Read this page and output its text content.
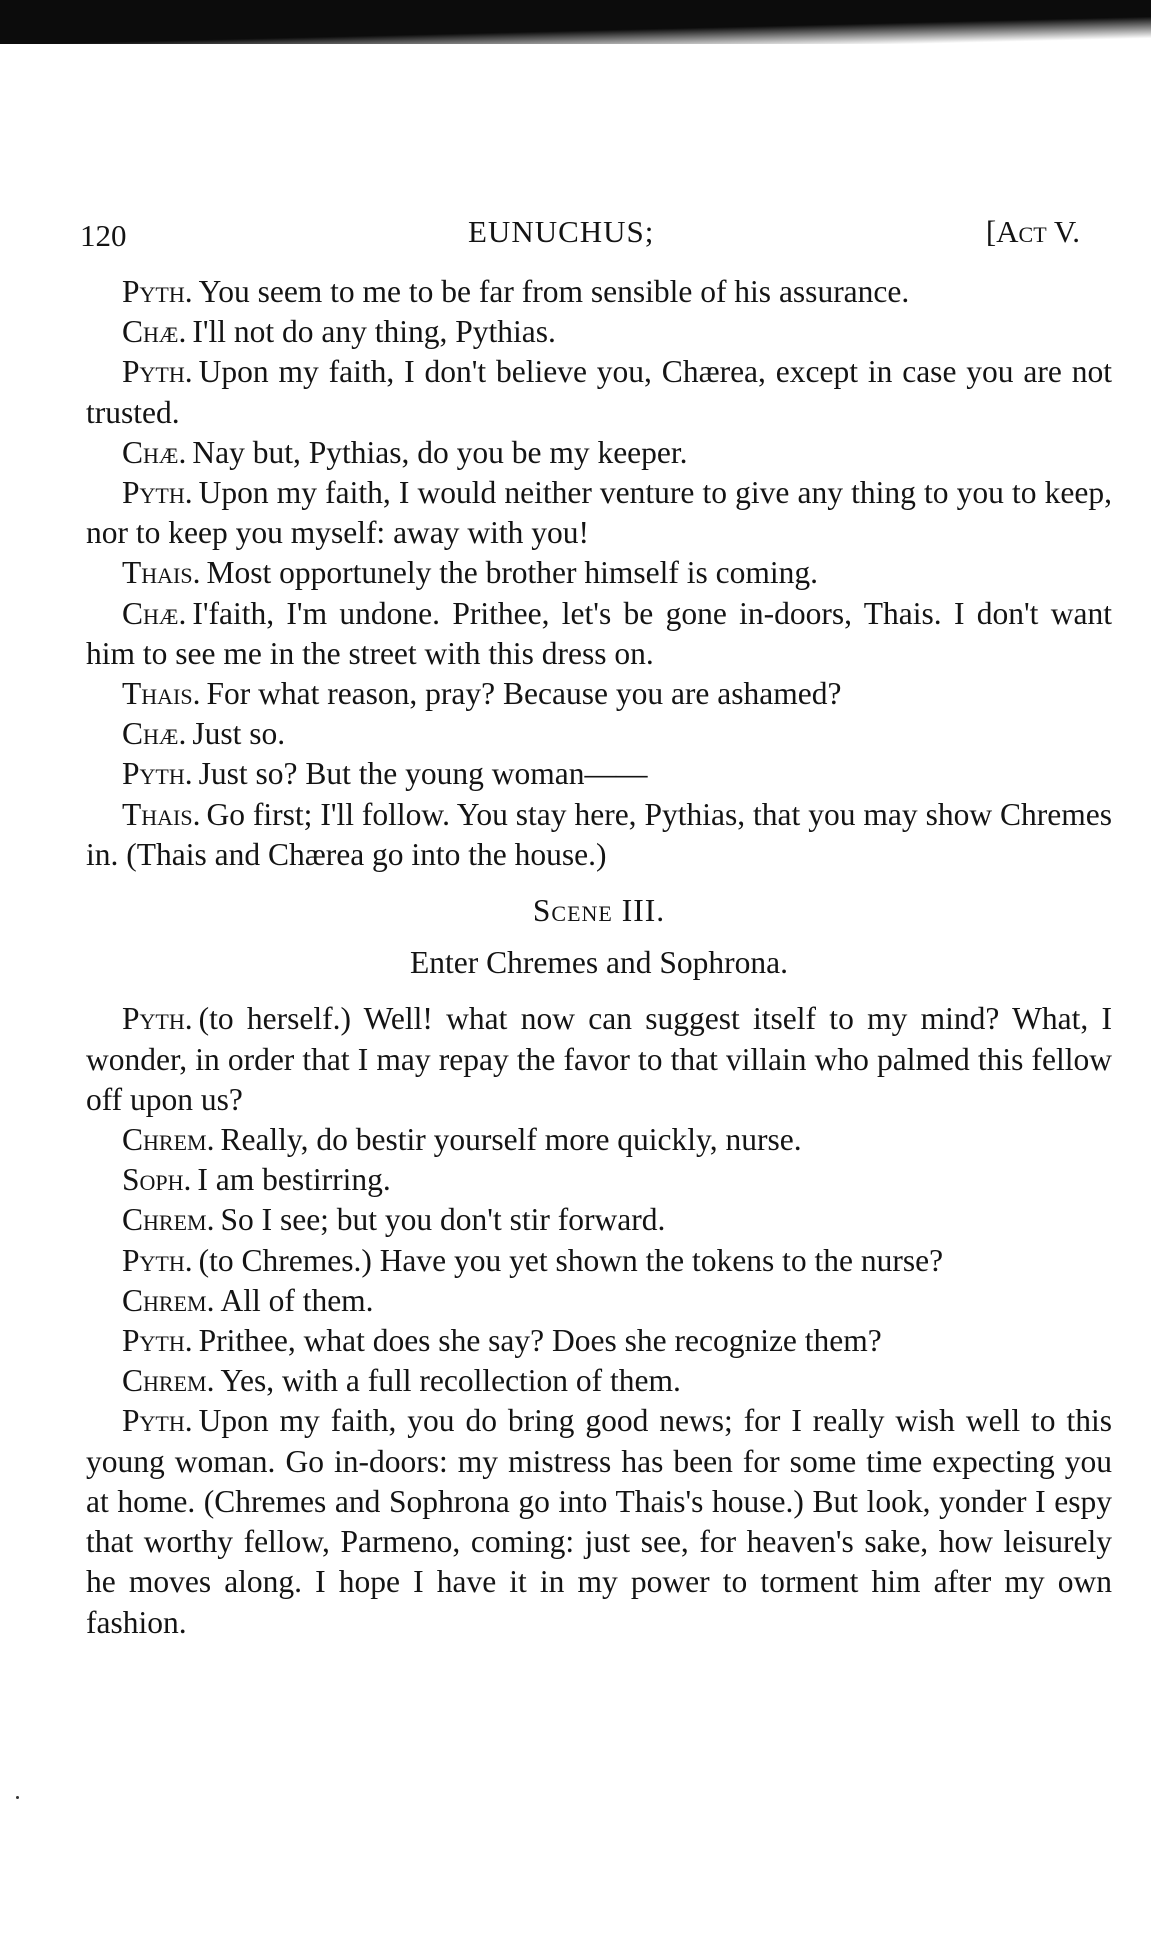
120	EUNUCHUS;	[Act V.

Pyth. You seem to me to be far from sensible of his assurance.

Chæ. I'll not do any thing, Pythias.

Pyth. Upon my faith, I don't believe you, Chærea, except in case you are not trusted.

Chæ. Nay but, Pythias, do you be my keeper.

Pyth. Upon my faith, I would neither venture to give any thing to you to keep, nor to keep you myself: away with you!

Thais. Most opportunely the brother himself is coming.

Chæ. I'faith, I'm undone. Prithee, let's be gone in-doors, Thais. I don't want him to see me in the street with this dress on.

Thais. For what reason, pray? Because you are ashamed?

Chæ. Just so.

Pyth. Just so? But the young woman——

Thais. Go first; I'll follow. You stay here, Pythias, that you may show Chremes in. (Thais and Chærea go into the house.)

Scene III.

Enter Chremes and Sophrona.

Pyth. (to herself.) Well! what now can suggest itself to my mind? What, I wonder, in order that I may repay the favor to that villain who palmed this fellow off upon us?

Chrem. Really, do bestir yourself more quickly, nurse.

Soph. I am bestirring.

Chrem. So I see; but you don't stir forward.

Pyth. (to Chremes.) Have you yet shown the tokens to the nurse?

Chrem. All of them.

Pyth. Prithee, what does she say? Does she recognize them?

Chrem. Yes, with a full recollection of them.

Pyth. Upon my faith, you do bring good news; for I really wish well to this young woman. Go in-doors: my mistress has been for some time expecting you at home. (Chremes and Sophrona go into Thais's house.) But look, yonder I espy that worthy fellow, Parmeno, coming: just see, for heaven's sake, how leisurely he moves along. I hope I have it in my power to torment him after my own fashion.
